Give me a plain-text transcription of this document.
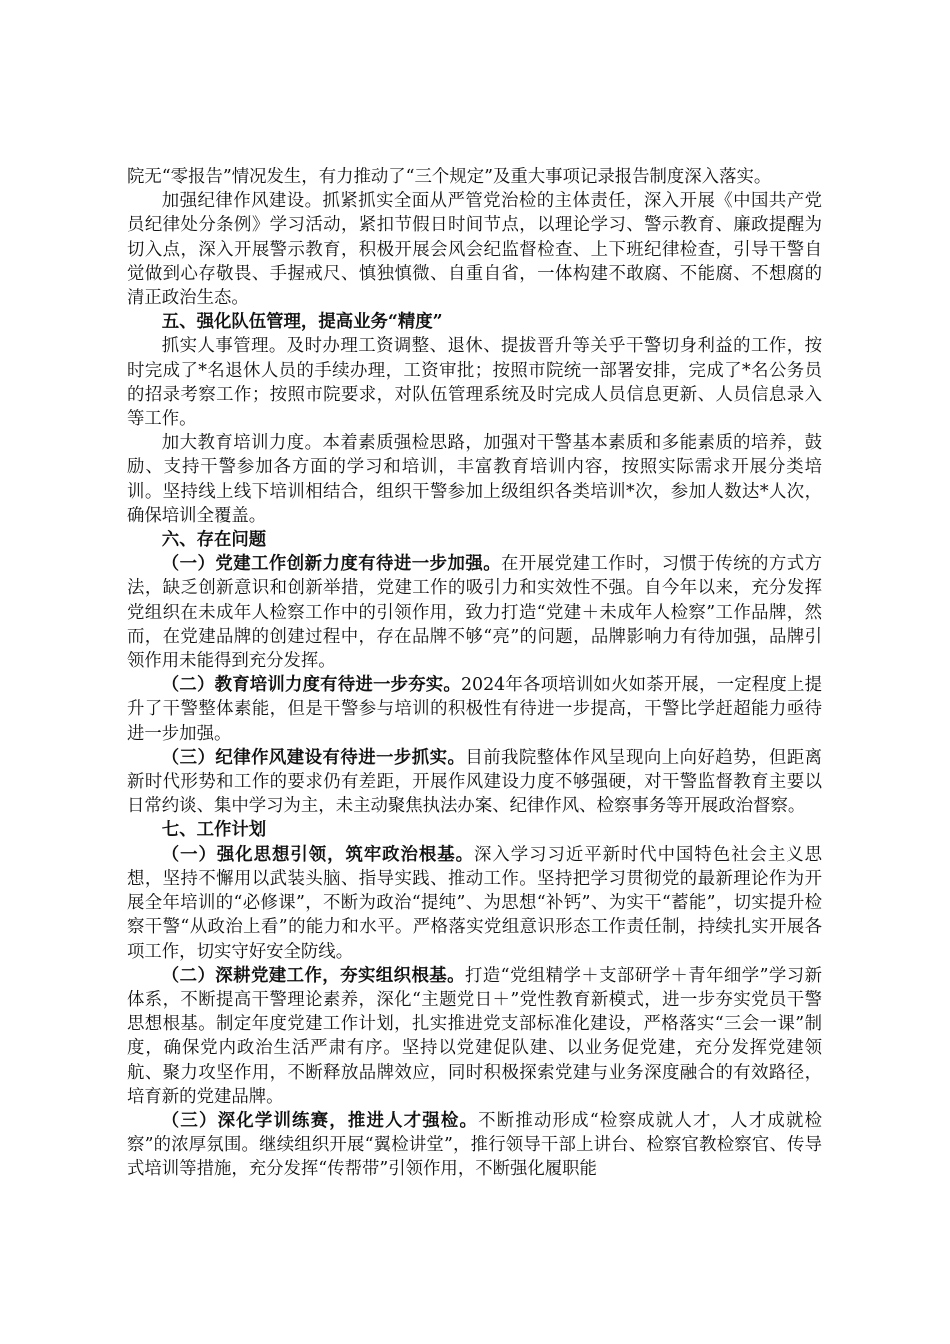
院无“零报告”情况发生，有力推动了“三个规定”及重大事项记录报告制度深入落实。

加强纪律作风建设。抓紧抓实全面从严管党治检的主体责任，深入开展《中国共产党员纪律处分条例》学习活动，紧扣节假日时间节点，以理论学习、警示教育、廉政提醒为切入点，深入开展警示教育，积极开展会风会纪监督检查、上下班纪律检查，引导干警自觉做到心存敬畏、手握戒尺、慎独慎微、自重自省，一体构建不敢腐、不能腐、不想腐的清正政治生态。

五、强化队伍管理，提高业务“精度”

抓实人事管理。及时办理工资调整、退休、提拔晋升等关乎干警切身利益的工作，按时完成了*名退休人员的手续办理，工资审批；按照市院统一部署安排，完成了*名公务员的招录考察工作；按照市院要求，对队伍管理系统及时完成人员信息更新、人员信息录入等工作。

加大教育培训力度。本着素质强检思路，加强对干警基本素质和多能素质的培养，鼓励、支持干警参加各方面的学习和培训，丰富教育培训内容，按照实际需求开展分类培训。坚持线上线下培训相结合，组织干警参加上级组织各类培训*次，参加人数达*人次，确保培训全覆盖。

六、存在问题

（一）党建工作创新力度有待进一步加强。在开展党建工作时，习惯于传统的方式方法，缺乏创新意识和创新举措，党建工作的吸引力和实效性不强。自今年以来，充分发挥党组织在未成年人检察工作中的引领作用，致力打造“党建＋未成年人检察”工作品牌，然而，在党建品牌的创建过程中，存在品牌不够“亮”的问题，品牌影响力有待加强，品牌引领作用未能得到充分发挥。

（二）教育培训力度有待进一步夯实。2024年各项培训如火如荼开展，一定程度上提升了干警整体素能，但是干警参与培训的积极性有待进一步提高，干警比学赶超能力亟待进一步加强。

（三）纪律作风建设有待进一步抓实。目前我院整体作风呈现向上向好趋势，但距离新时代形势和工作的要求仍有差距，开展作风建设力度不够强硬，对干警监督教育主要以日常约谈、集中学习为主，未主动聚焦执法办案、纪律作风、检察事务等开展政治督察。

七、工作计划

（一）强化思想引领，筑牢政治根基。深入学习习近平新时代中国特色社会主义思想，坚持不懈用以武装头脑、指导实践、推动工作。坚持把学习贯彻党的最新理论作为开展全年培训的“必修课”，不断为政治“提纯”、为思想“补钙”、为实干“蓄能”，切实提升检察干警“从政治上看”的能力和水平。严格落实党组意识形态工作责任制，持续扎实开展各项工作，切实守好安全防线。

（二）深耕党建工作，夯实组织根基。打造“党组精学＋支部研学＋青年细学”学习新体系，不断提高干警理论素养，深化“主题党日＋”党性教育新模式，进一步夯实党员干警思想根基。制定年度党建工作计划，扎实推进党支部标准化建设，严格落实“三会一课”制度，确保党内政治生活严肃有序。坚持以党建促队建、以业务促党建，充分发挥党建领航、聚力攻坚作用，不断释放品牌效应，同时积极探索党建与业务深度融合的有效路径，培育新的党建品牌。

（三）深化学训练赛，推进人才强检。不断推动形成“检察成就人才，人才成就检察”的浓厚氛围。继续组织开展“翼检讲堂”，推行领导干部上讲台、检察官教检察官、传导式培训等措施，充分发挥“传帮带”引领作用，不断强化履职能
